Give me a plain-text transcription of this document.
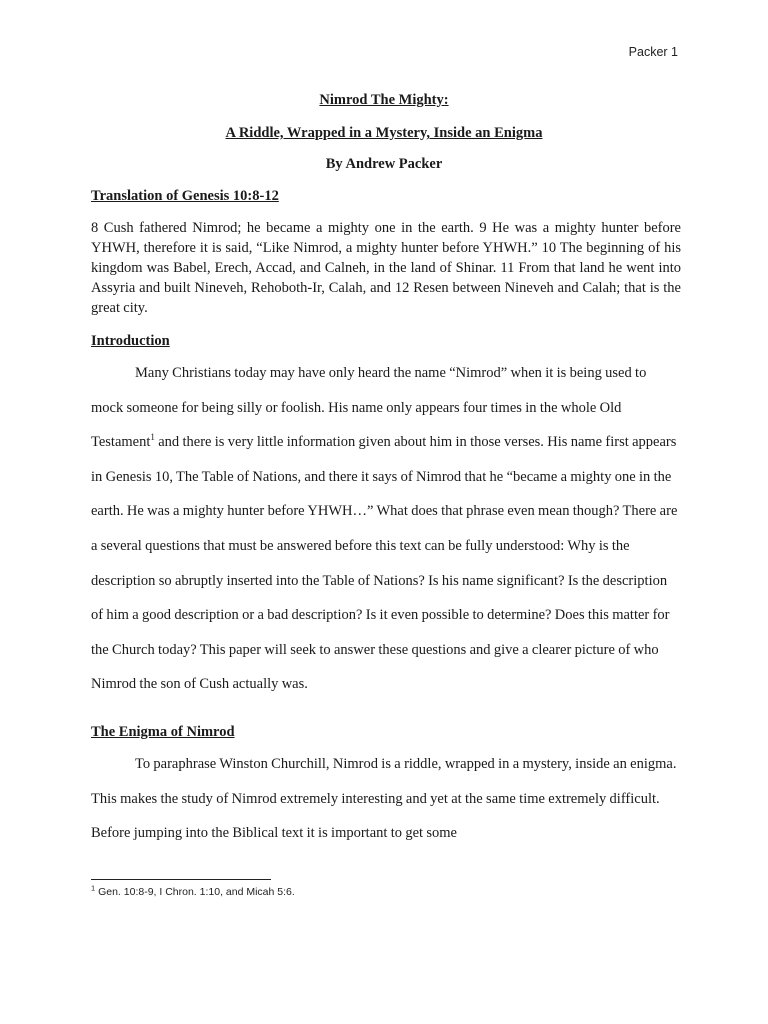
Packer 1

Nimrod The Mighty:

A Riddle, Wrapped in a Mystery, Inside an Enigma

By Andrew Packer

Translation of Genesis 10:8-12

8 Cush fathered Nimrod; he became a mighty one in the earth. 9 He was a mighty hunter before YHWH, therefore it is said, “Like Nimrod, a mighty hunter before YHWH.” 10 The beginning of his kingdom was Babel, Erech, Accad, and Calneh, in the land of Shinar. 11 From that land he went into Assyria and built Nineveh, Rehoboth-Ir, Calah, and 12 Resen between Nineveh and Calah; that is the great city.

Introduction

Many Christians today may have only heard the name “Nimrod” when it is being used to mock someone for being silly or foolish. His name only appears four times in the whole Old Testament$^1$ and there is very little information given about him in those verses. His name first appears in Genesis 10, The Table of Nations, and there it says of Nimrod that he “became a mighty one in the earth. He was a mighty hunter before YHWH…” What does that phrase even mean though? There are a several questions that must be answered before this text can be fully understood: Why is the description so abruptly inserted into the Table of Nations? Is his name significant? Is the description of him a good description or a bad description? Is it even possible to determine? Does this matter for the Church today? This paper will seek to answer these questions and give a clearer picture of who Nimrod the son of Cush actually was.

The Enigma of Nimrod

To paraphrase Winston Churchill, Nimrod is a riddle, wrapped in a mystery, inside an enigma. This makes the study of Nimrod extremely interesting and yet at the same time extremely difficult. Before jumping into the Biblical text it is important to get some

$^1$ Gen. 10:8-9, I Chron. 1:10, and Micah 5:6.
